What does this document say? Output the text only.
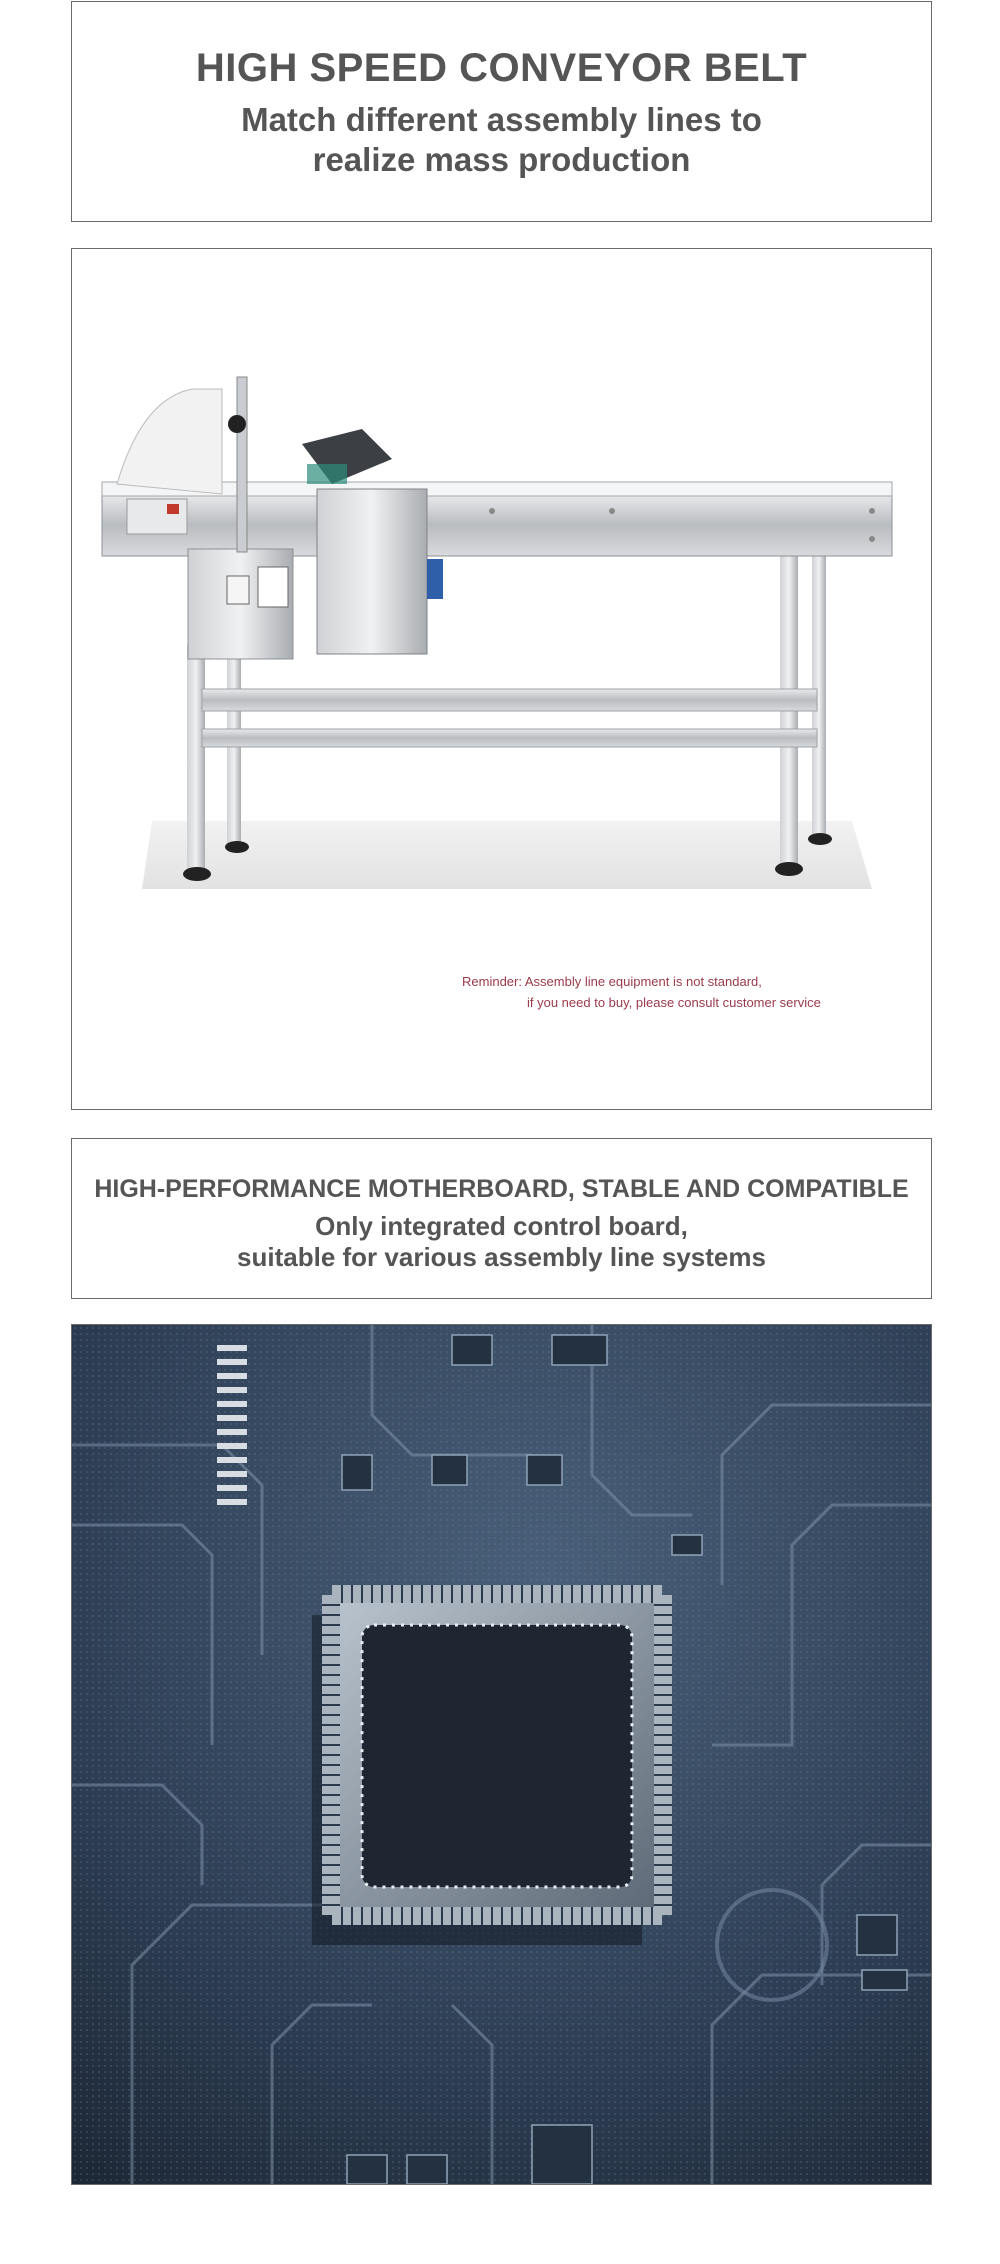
HIGH SPEED CONVEYOR BELT
Match different assembly lines to
realize mass production
Reminder: Assembly line equipment is not standard,
if you need to buy, please consult customer service
HIGH-PERFORMANCE MOTHERBOARD, STABLE AND COMPATIBLE
Only integrated control board,
suitable for various assembly line systems
